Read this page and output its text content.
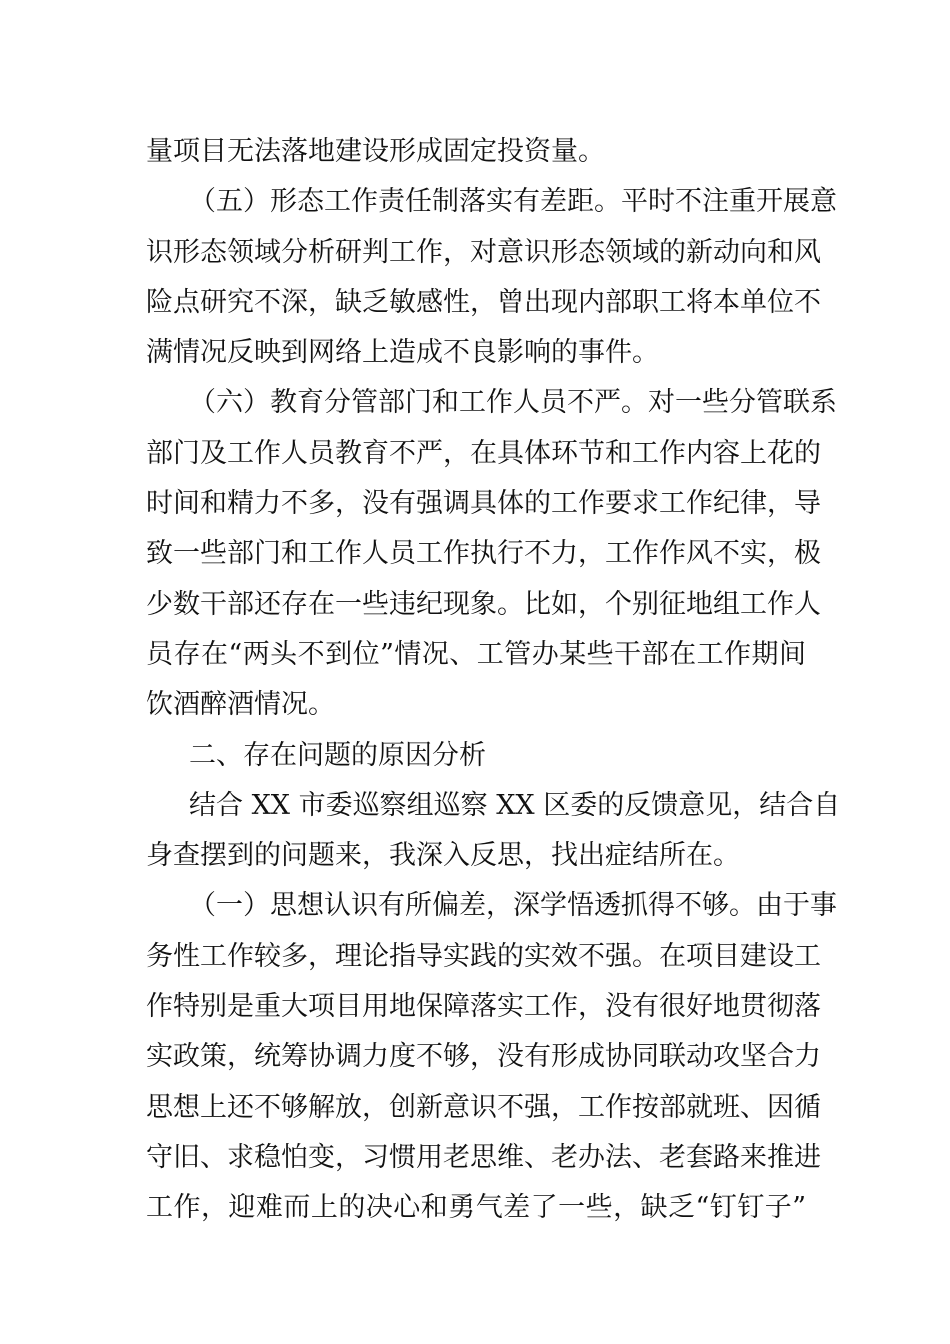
量项目无法落地建设形成固定投资量。
（五）形态工作责任制落实有差距。平时不注重开展意
识形态领域分析研判工作，对意识形态领域的新动向和风
险点研究不深，缺乏敏感性，曾出现内部职工将本单位不
满情况反映到网络上造成不良影响的事件。
（六）教育分管部门和工作人员不严。对一些分管联系
部门及工作人员教育不严，在具体环节和工作内容上花的
时间和精力不多，没有强调具体的工作要求工作纪律，导
致一些部门和工作人员工作执行不力，工作作风不实，极
少数干部还存在一些违纪现象。比如，个别征地组工作人
员存在“两头不到位”情况、工管办某些干部在工作期间
饮酒醉酒情况。
二、存在问题的原因分析
结合 XX 市委巡察组巡察 XX 区委的反馈意见，结合自
身查摆到的问题来，我深入反思，找出症结所在。
（一）思想认识有所偏差，深学悟透抓得不够。由于事
务性工作较多，理论指导实践的实效不强。在项目建设工
作特别是重大项目用地保障落实工作，没有很好地贯彻落
实政策，统筹协调力度不够，没有形成协同联动攻坚合力
思想上还不够解放，创新意识不强，工作按部就班、因循
守旧、求稳怕变，习惯用老思维、老办法、老套路来推进
工作，迎难而上的决心和勇气差了一些，缺乏“钉钉子”
